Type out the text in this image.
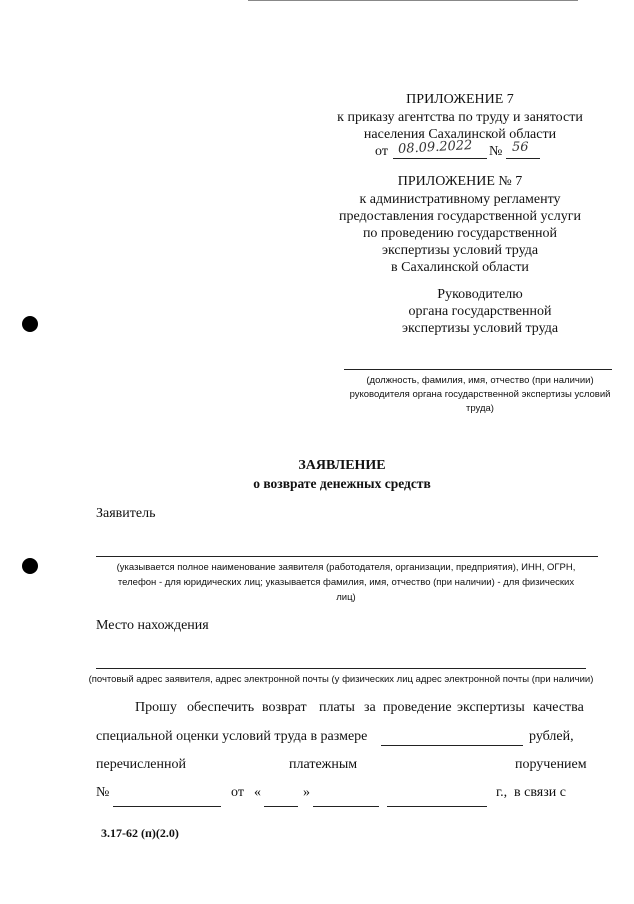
ПРИЛОЖЕНИЕ 7
к приказу агентства по труду и занятости
населения Сахалинской области
от 08.09.2022 № 56
ПРИЛОЖЕНИЕ № 7
к административному регламенту
предоставления государственной услуги
по проведению государственной
экспертизы условий труда
в Сахалинской области
Руководителю
органа государственной
экспертизы условий труда
(должность, фамилия, имя, отчество (при наличии)
руководителя органа государственной экспертизы условий
труда)
ЗАЯВЛЕНИЕ
о возврате денежных средств
Заявитель
(указывается полное наименование заявителя (работодателя, организации, предприятия), ИНН, ОГРН,
телефон - для юридических лиц; указывается фамилия, имя, отчество (при наличии) - для физических
лиц)
Место нахождения
(почтовый адрес заявителя, адрес электронной почты (у физических лиц адрес электронной почты (при наличии)
Прошу обеспечить возврат платы за проведение экспертизы качества
специальной оценки условий труда в размере	рублей,
перечисленной	платежным	поручением
№	от «	»	г., в связи с
3.17-62 (п)(2.0)
